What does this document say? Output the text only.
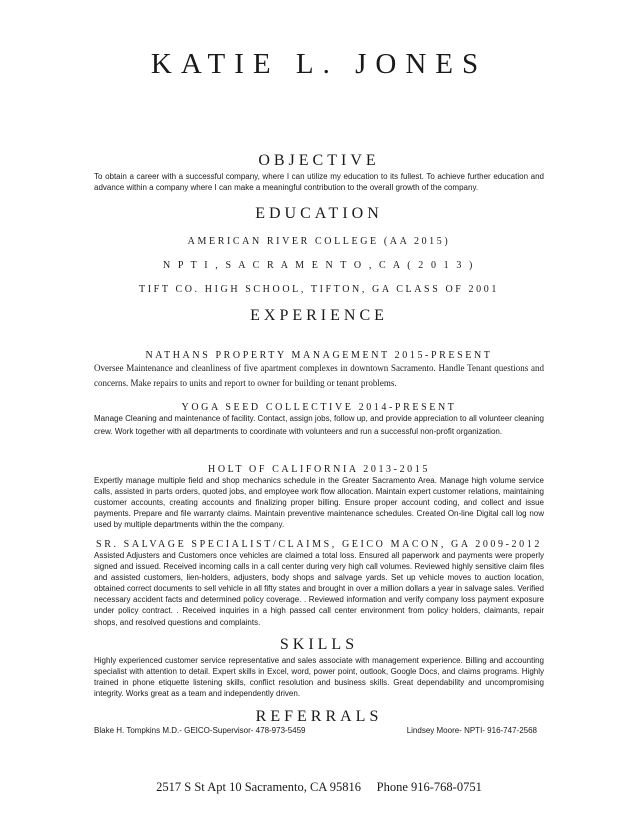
KATIE L. JONES
OBJECTIVE

To obtain a career with a successful company, where I can utilize my education to its fullest. To achieve further education and advance within a company where I can make a meaningful contribution to the overall growth of the company.

EDUCATION
AMERICAN RIVER COLLEGE (AA 2015)
N P T I , S A C R A M E N T O , C A ( 2 0 1 3 )
TIFT CO. HIGH SCHOOL, TIFTON, GA CLASS OF 2001
EXPERIENCE
NATHANS PROPERTY MANAGEMENT 2015-PRESENT

Oversee Maintenance and cleanliness of five apartment complexes in downtown Sacramento. Handle Tenant questions and concerns. Make repairs to units and report to owner for building or tenant problems.

YOGA SEED COLLECTIVE 2014-PRESENT

Manage Cleaning and maintenance of facility. Contact, assign jobs, follow up, and provide appreciation to all volunteer cleaning crew. Work together with all departments to coordinate with volunteers and run a successful non-profit organization.

HOLT OF CALIFORNIA 2013-2015

Expertly manage multiple field and shop mechanics schedule in the Greater Sacramento Area. Manage high volume service calls, assisted in parts orders, quoted jobs, and employee work flow allocation. Maintain expert customer relations, maintaining customer accounts, creating accounts and finalizing proper billing. Ensure proper account coding, and collect and issue payments. Prepare and file warranty claims. Maintain preventive maintenance schedules. Created On-line Digital call log now used by multiple departments within the the company.

SR. SALVAGE SPECIALIST/CLAIMS, GEICO MACON, GA 2009-2012

Assisted Adjusters and Customers once vehicles are claimed a total loss. Ensured all paperwork and payments were properly signed and issued. Received incoming calls in a call center during very high call volumes. Reviewed highly sensitive claim files and assisted customers, lien-holders, adjusters, body shops and salvage yards. Set up vehicle moves to auction location, obtained correct documents to sell vehicle in all fifty states and brought in over a million dollars a year in salvage sales. Verified necessary accident facts and determined policy coverage. . Reviewed information and verify company loss payment exposure under policy contract. . Received inquiries in a high passed call center environment from policy holders, claimants, repair shops, and resolved questions and complaints.

SKILLS

Highly experienced customer service representative and sales associate with management experience. Billing and accounting specialist with attention to detail. Expert skills in Excel, word, power point, outlook, Google Docs, and claims programs. Highly trained in phone etiquette listening skills, conflict resolution and business skills. Great dependability and uncompromising integrity. Works great as a team and independently driven.

REFERRALS
Blake H. Tompkins M.D.- GEICO-Supervisor- 478-973-5459	Lindsey Moore- NPTI- 916-747-2568
2517 S St Apt 10 Sacramento, CA 95816     Phone 916-768-0751
